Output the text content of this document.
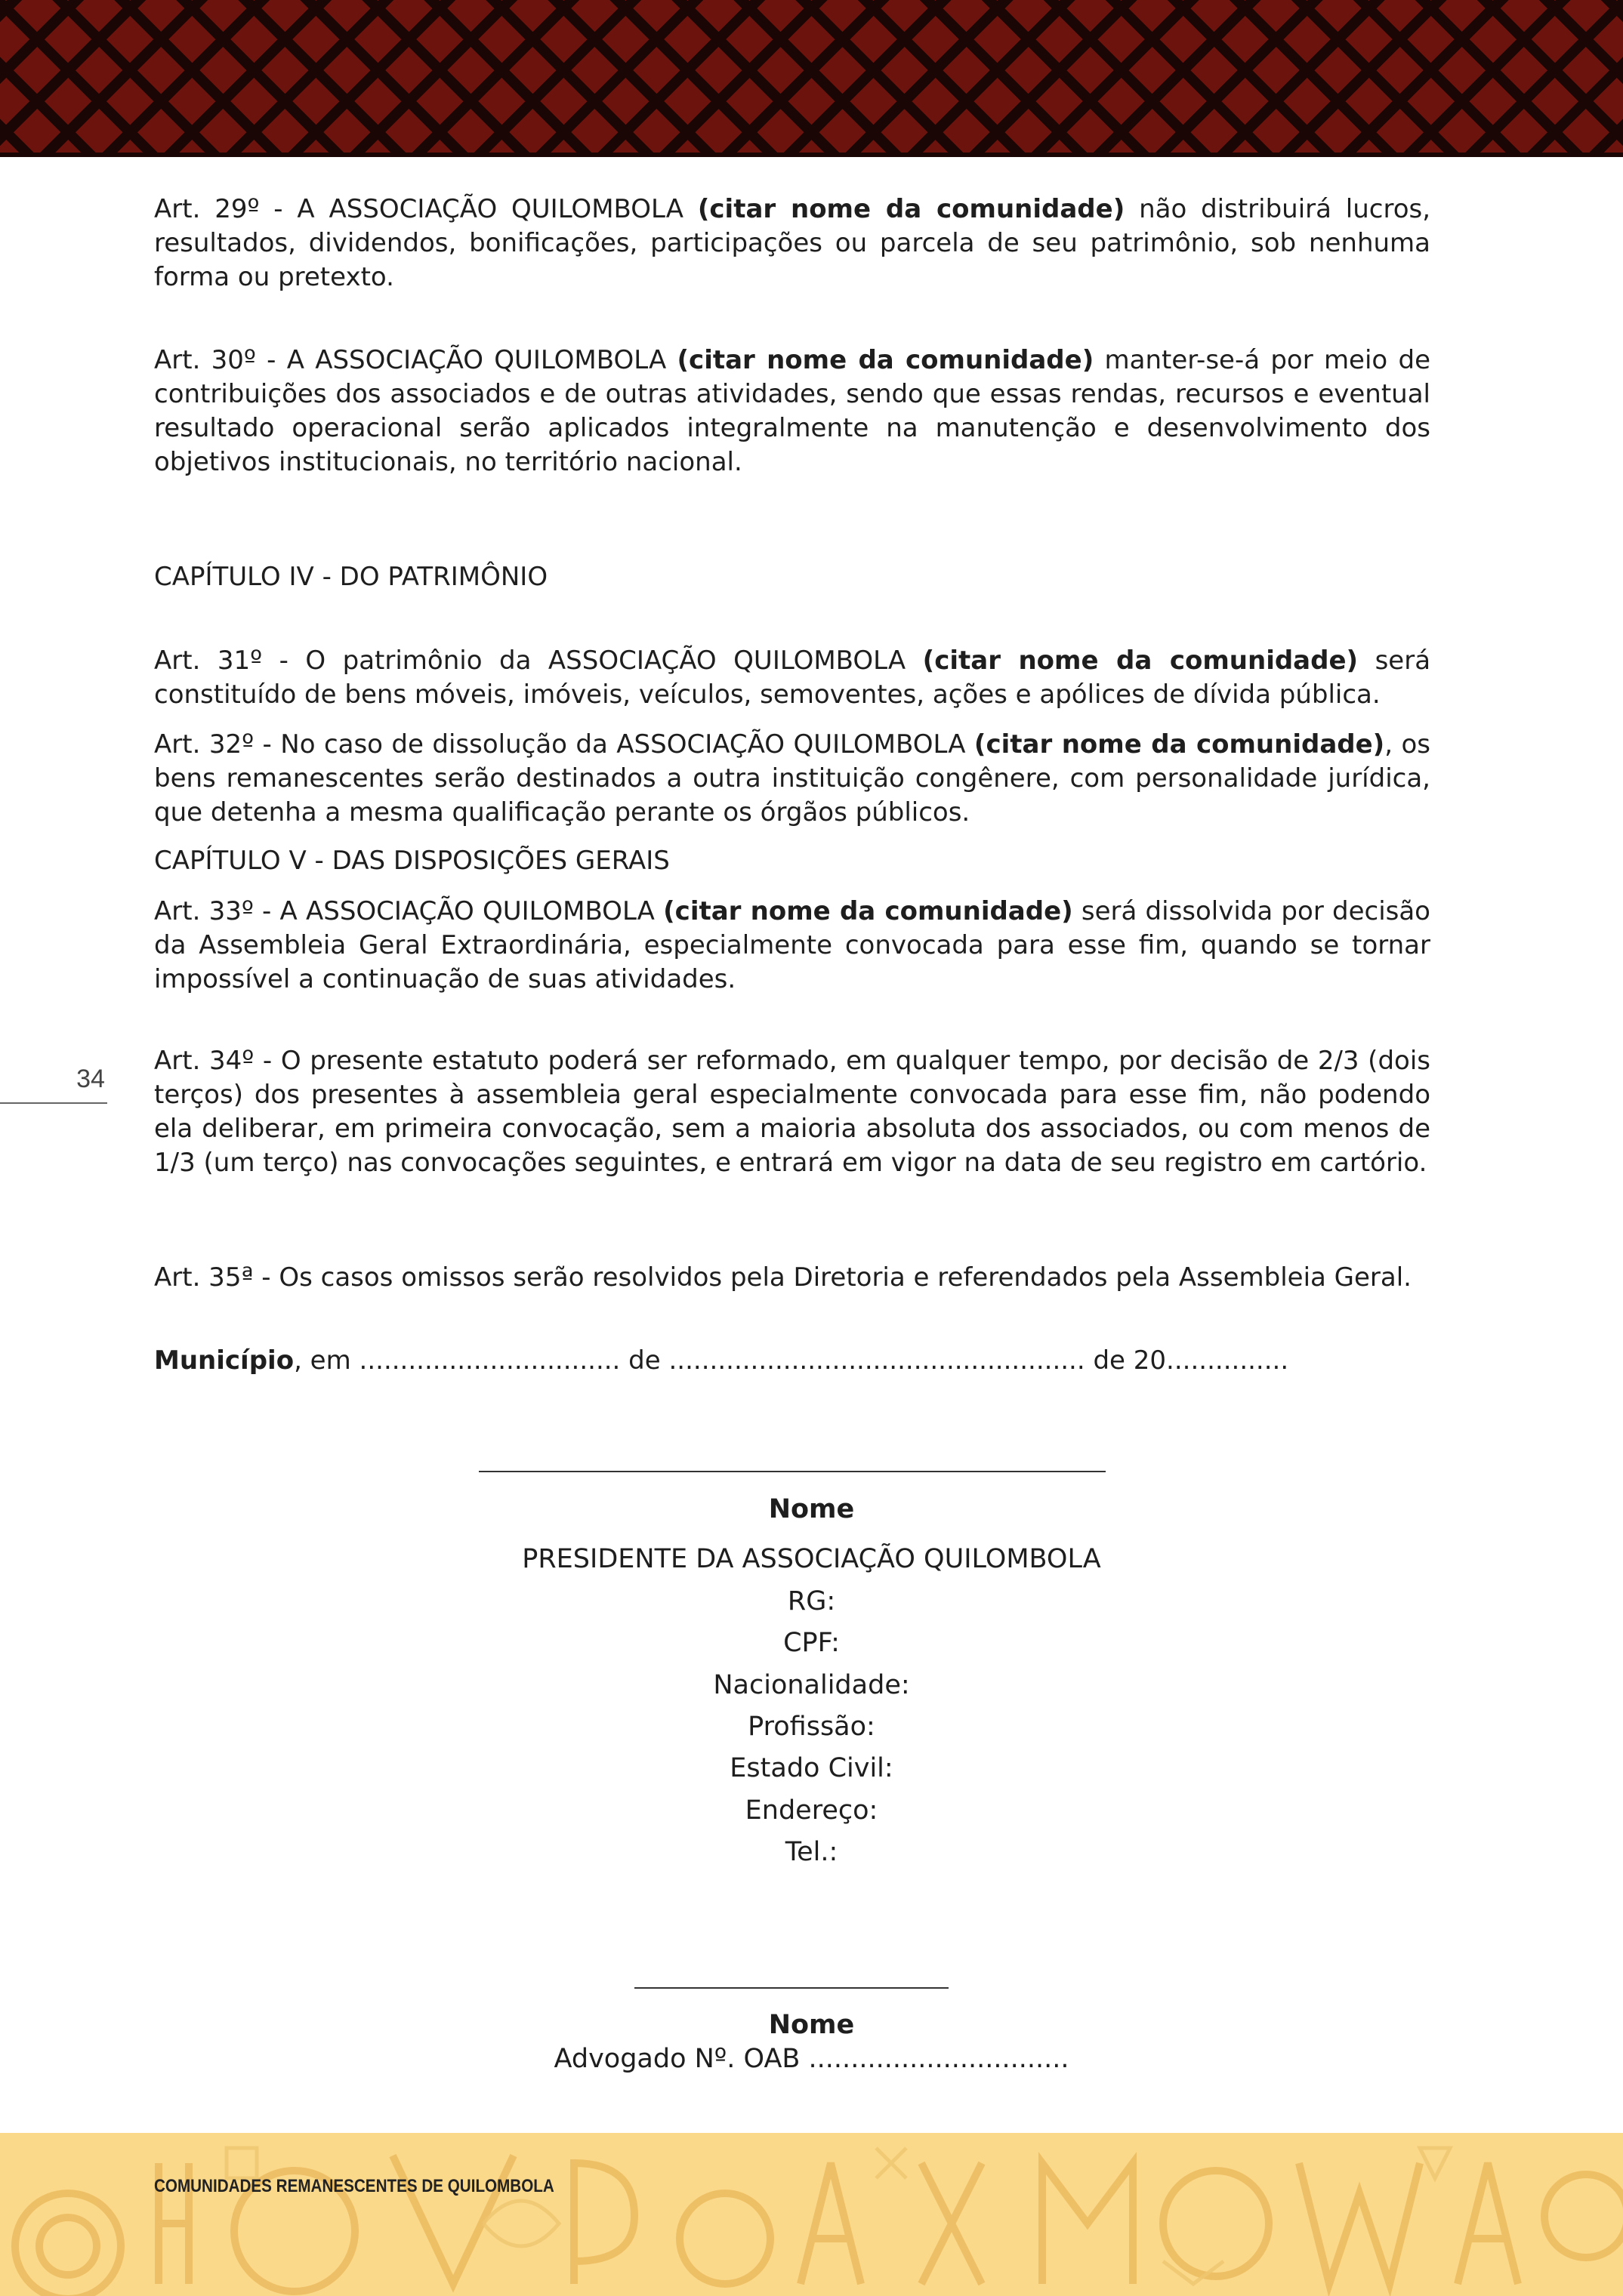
Art. 29º - A ASSOCIAÇÃO QUILOMBOLA (citar nome da comunidade) não distribuirá lucros, resultados, dividendos, bonificações, participações ou parcela de seu patrimônio, sob nenhuma forma ou pretexto.

Art. 30º - A ASSOCIAÇÃO QUILOMBOLA (citar nome da comunidade) manter-se-á por meio de contribuições dos associados e de outras atividades, sendo que essas rendas, recursos e eventual resultado operacional serão aplicados integralmente na manutenção e desenvolvimento dos objetivos institucionais, no território nacional.

CAPÍTULO IV - DO PATRIMÔNIO

Art. 31º - O patrimônio da ASSOCIAÇÃO QUILOMBOLA (citar nome da comunidade) será constituído de bens móveis, imóveis, veículos, semoventes, ações e apólices de dívida pública.

Art. 32º - No caso de dissolução da ASSOCIAÇÃO QUILOMBOLA (citar nome da comunidade), os bens remanescentes serão destinados a outra instituição congênere, com personalidade jurídica, que detenha a mesma qualificação perante os órgãos públicos.

CAPÍTULO V - DAS DISPOSIÇÕES GERAIS

Art. 33º - A ASSOCIAÇÃO QUILOMBOLA (citar nome da comunidade) será dissolvida por decisão da Assembleia Geral Extraordinária, especialmente convocada para esse fim, quando se tornar impossível a continuação de suas atividades.

34

Art. 34º - O presente estatuto poderá ser reformado, em qualquer tempo, por decisão de 2/3 (dois terços) dos presentes à assembleia geral especialmente convocada para esse fim, não podendo ela deliberar, em primeira convocação, sem a maioria absoluta dos associados, ou com menos de 1/3 (um terço) nas convocações seguintes, e entrará em vigor na data de seu registro em cartório.

Art. 35ª - Os casos omissos serão resolvidos pela Diretoria e referendados pela Assembleia Geral.

Município, em ................................ de ................................................... de 20...............

Nome

PRESIDENTE DA ASSOCIAÇÃO QUILOMBOLA

RG:

CPF:

Nacionalidade:

Profissão:

Estado Civil:

Endereço:

Tel.:

Nome

Advogado Nº. OAB ...............................

COMUNIDADES REMANESCENTES DE QUILOMBOLA
